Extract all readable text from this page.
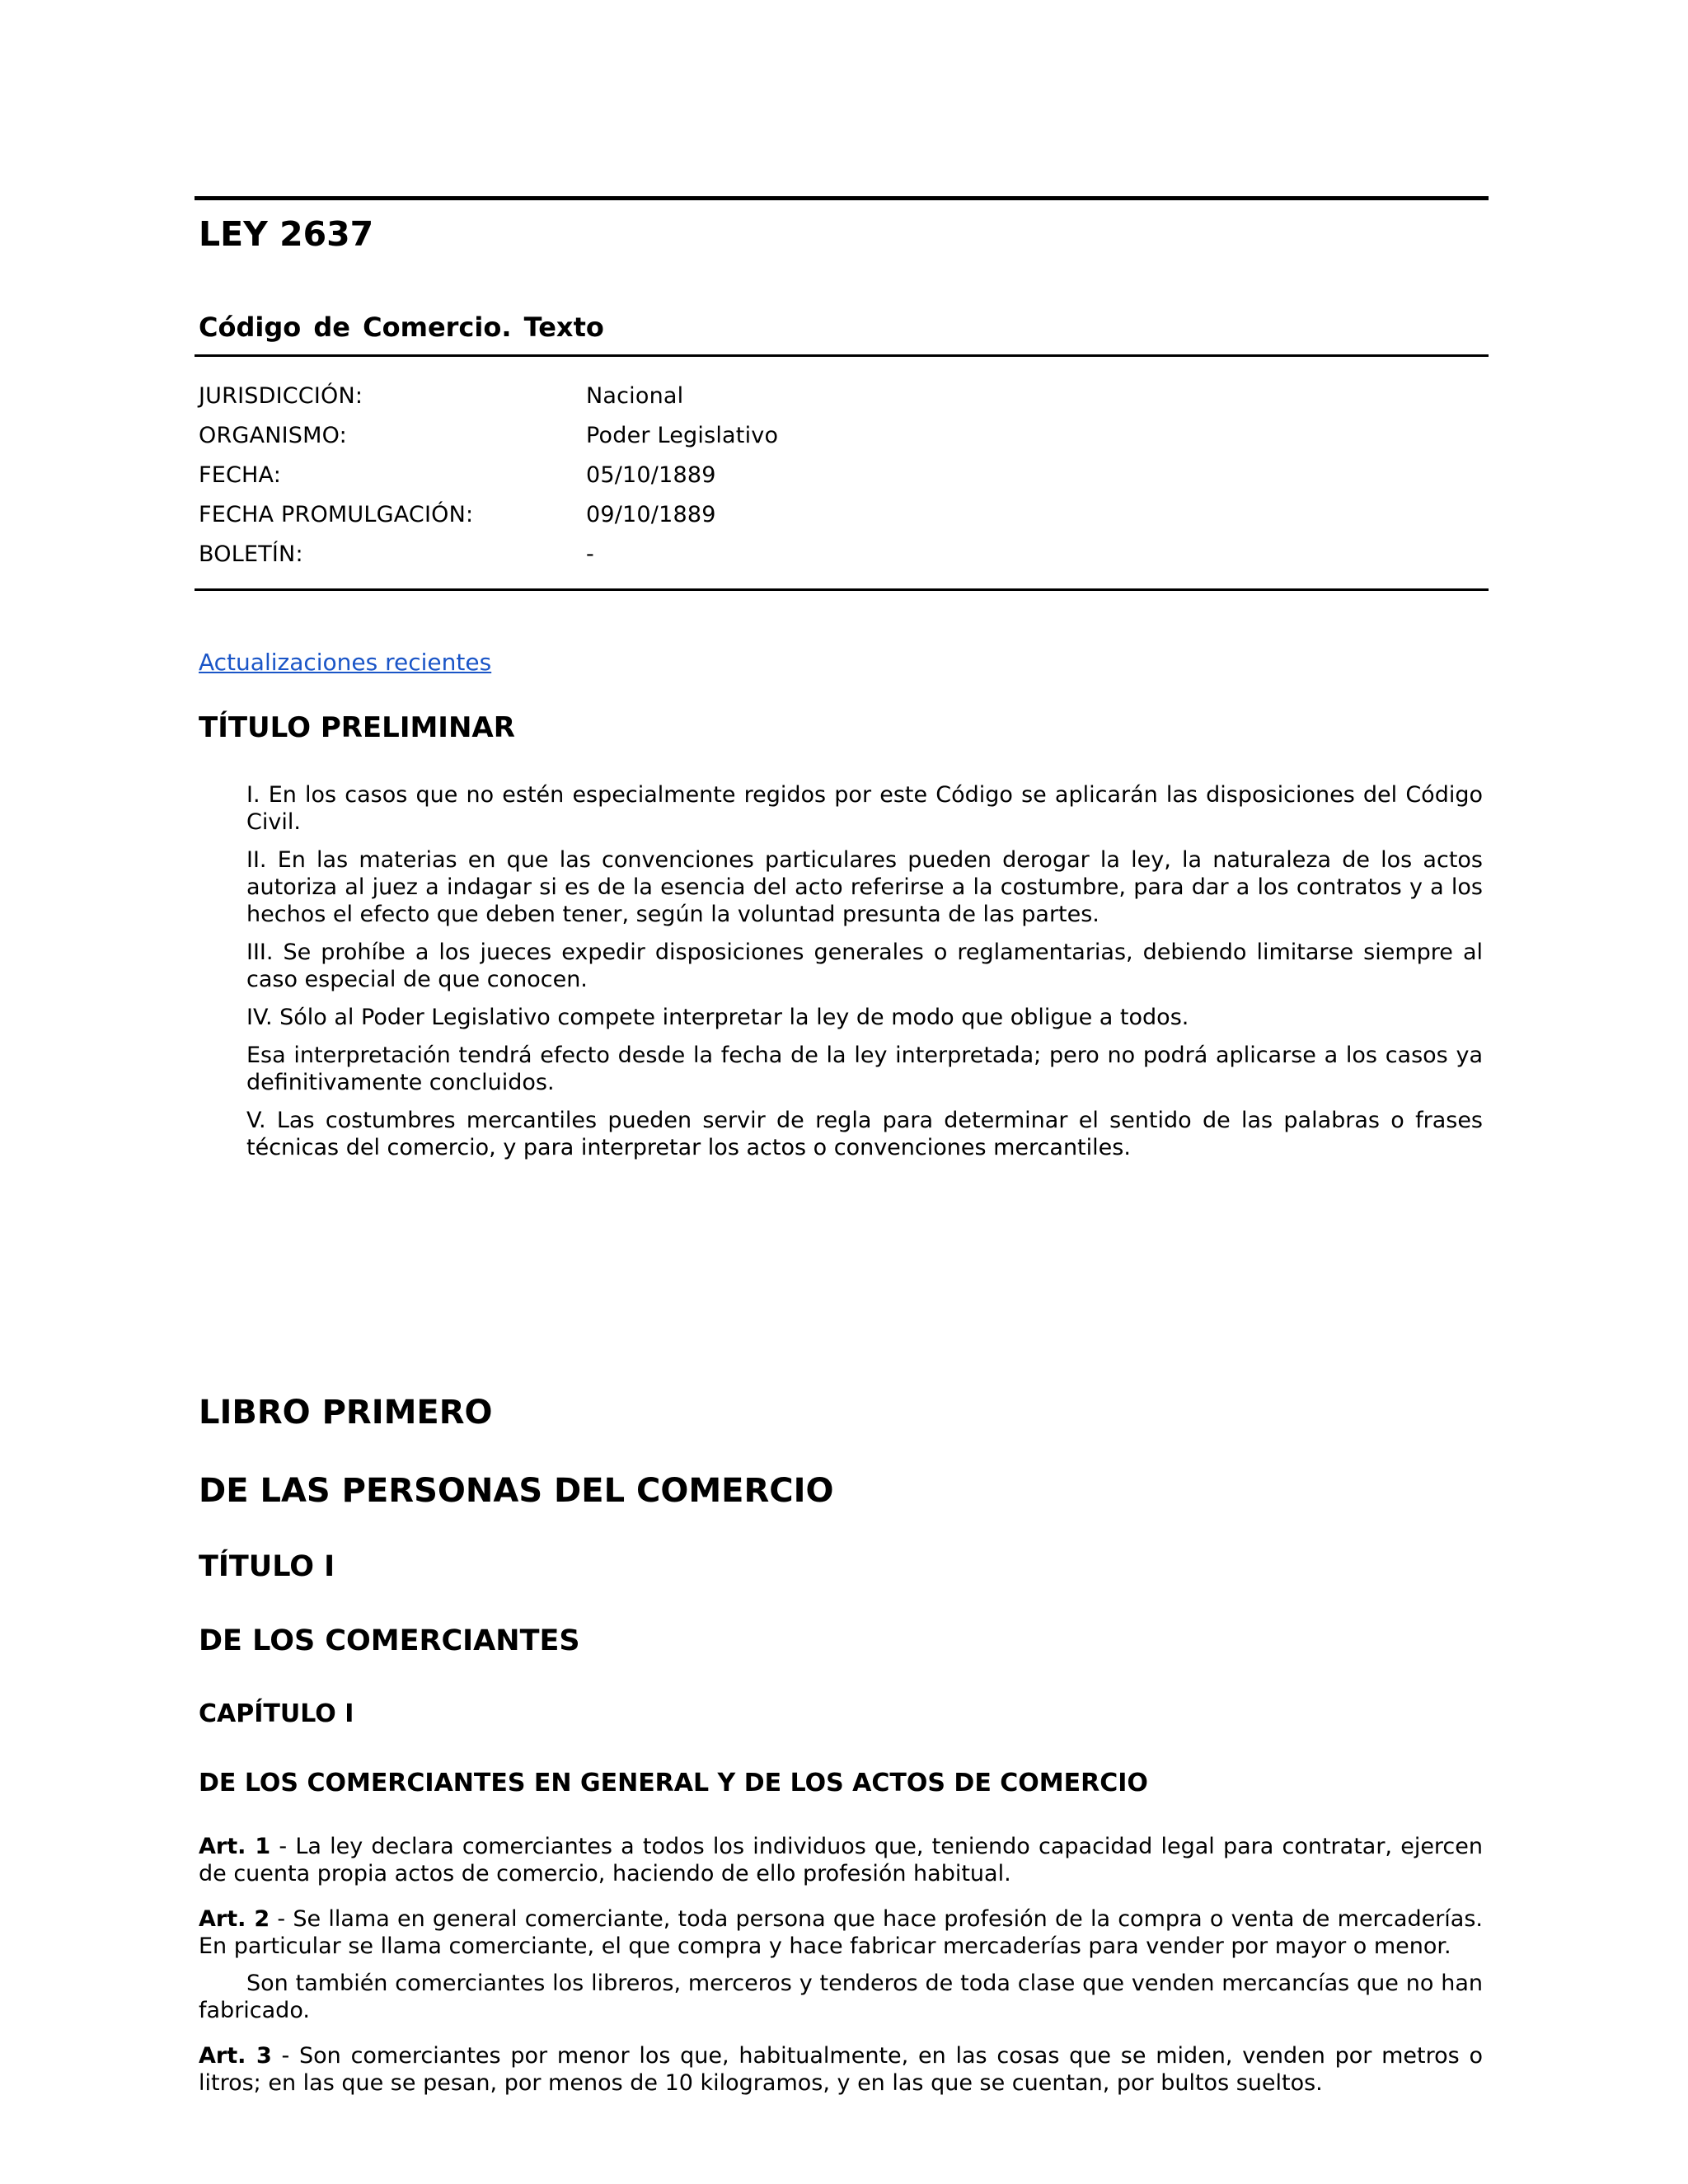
LEY 2637
Código de Comercio. Texto
JURISDICCIÓN:	Nacional
ORGANISMO:	Poder Legislativo
FECHA:	05/10/1889
FECHA PROMULGACIÓN:	09/10/1889
BOLETÍN:	-
Actualizaciones recientes
TÍTULO PRELIMINAR

I. En los casos que no estén especialmente regidos por este Código se aplicarán las disposiciones del Código Civil.

II. En las materias en que las convenciones particulares pueden derogar la ley, la naturaleza de los actos autoriza al juez a indagar si es de la esencia del acto referirse a la costumbre, para dar a los contratos y a los hechos el efecto que deben tener, según la voluntad presunta de las partes.

III. Se prohíbe a los jueces expedir disposiciones generales o reglamentarias, debiendo limitarse siempre al caso especial de que conocen.

IV. Sólo al Poder Legislativo compete interpretar la ley de modo que obligue a todos.

Esa interpretación tendrá efecto desde la fecha de la ley interpretada; pero no podrá aplicarse a los casos ya definitivamente concluidos.

V. Las costumbres mercantiles pueden servir de regla para determinar el sentido de las palabras o frases técnicas del comercio, y para interpretar los actos o convenciones mercantiles.

LIBRO PRIMERO
DE LAS PERSONAS DEL COMERCIO
TÍTULO I
DE LOS COMERCIANTES
CAPÍTULO I
DE LOS COMERCIANTES EN GENERAL Y DE LOS ACTOS DE COMERCIO

Art. 1 - La ley declara comerciantes a todos los individuos que, teniendo capacidad legal para contratar, ejercen de cuenta propia actos de comercio, haciendo de ello profesión habitual.

Art. 2 - Se llama en general comerciante, toda persona que hace profesión de la compra o venta de mercaderías. En particular se llama comerciante, el que compra y hace fabricar mercaderías para vender por mayor o menor.

Son también comerciantes los libreros, merceros y tenderos de toda clase que venden mercancías que no han fabricado.

Art. 3 - Son comerciantes por menor los que, habitualmente, en las cosas que se miden, venden por metros o litros; en las que se pesan, por menos de 10 kilogramos, y en las que se cuentan, por bultos sueltos.
